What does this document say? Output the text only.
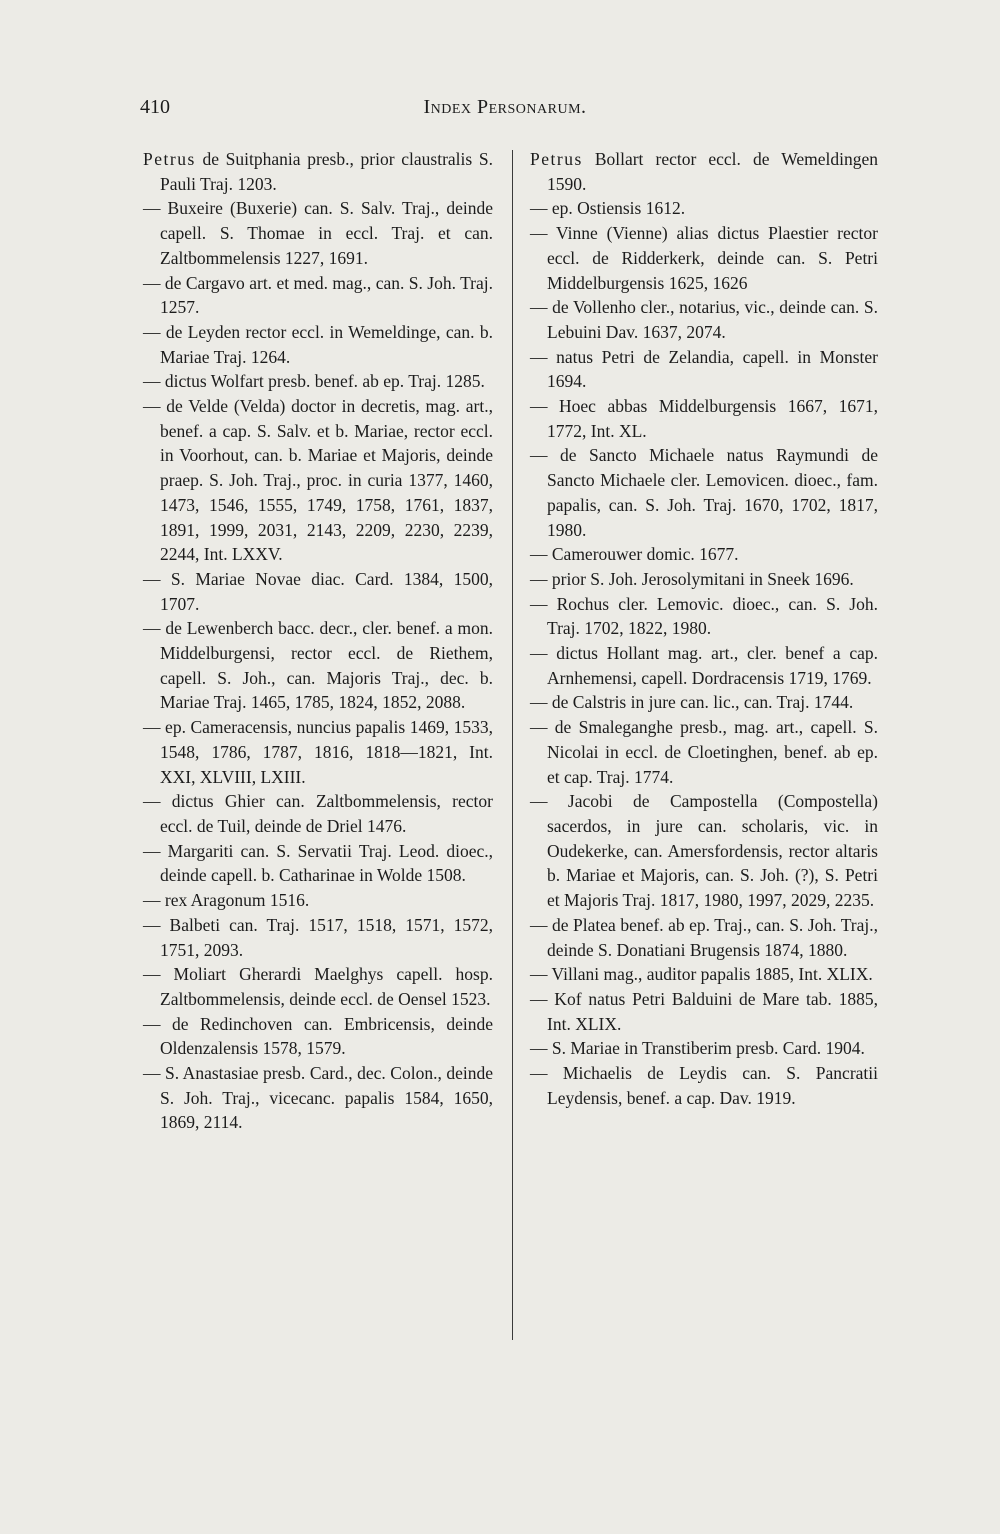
410	Index Personarum.
Petrus de Suitphania presb., prior claustralis S. Pauli Traj. 1203.
— Buxeire (Buxerie) can. S. Salv. Traj., deinde capell. S. Thomae in eccl. Traj. et can. Zaltbommelensis 1227, 1691.
— de Cargavo art. et med. mag., can. S. Joh. Traj. 1257.
— de Leyden rector eccl. in Wemeldinge, can. b. Mariae Traj. 1264.
— dictus Wolfart presb. benef. ab ep. Traj. 1285.
— de Velde (Velda) doctor in decretis, mag. art., benef. a cap. S. Salv. et b. Mariae, rector eccl. in Voorhout, can. b. Mariae et Majoris, deinde praep. S. Joh. Traj., proc. in curia 1377, 1460, 1473, 1546, 1555, 1749, 1758, 1761, 1837, 1891, 1999, 2031, 2143, 2209, 2230, 2239, 2244, Int. LXXV.
— S. Mariae Novae diac. Card. 1384, 1500, 1707.
— de Lewenberch bacc. decr., cler. benef. a mon. Middelburgensi, rector eccl. de Riethem, capell. S. Joh., can. Majoris Traj., dec. b. Mariae Traj. 1465, 1785, 1824, 1852, 2088.
— ep. Cameracensis, nuncius papalis 1469, 1533, 1548, 1786, 1787, 1816, 1818—1821, Int. XXI, XLVIII, LXIII.
— dictus Ghier can. Zaltbommelensis, rector eccl. de Tuil, deinde de Driel 1476.
— Margariti can. S. Servatii Traj. Leod. dioec., deinde capell. b. Catharinae in Wolde 1508.
— rex Aragonum 1516.
— Balbeti can. Traj. 1517, 1518, 1571, 1572, 1751, 2093.
— Moliart Gherardi Maelghys capell. hosp. Zaltbommelensis, deinde eccl. de Oensel 1523.
— de Redinchoven can. Embricensis, deinde Oldenzalensis 1578, 1579.
— S. Anastasiae presb. Card., dec. Colon., deinde S. Joh. Traj., vicecanc. papalis 1584, 1650, 1869, 2114.
Petrus Bollart rector eccl. de Wemeldingen 1590.
— ep. Ostiensis 1612.
— Vinne (Vienne) alias dictus Plaestier rector eccl. de Ridderkerk, deinde can. S. Petri Middelburgensis 1625, 1626
— de Vollenho cler., notarius, vic., deinde can. S. Lebuini Dav. 1637, 2074.
— natus Petri de Zelandia, capell. in Monster 1694.
— Hoec abbas Middelburgensis 1667, 1671, 1772, Int. XL.
— de Sancto Michaele natus Raymundi de Sancto Michaele cler. Lemovicen. dioec., fam. papalis, can. S. Joh. Traj. 1670, 1702, 1817, 1980.
— Camerouwer domic. 1677.
— prior S. Joh. Jerosolymitani in Sneek 1696.
— Rochus cler. Lemovic. dioec., can. S. Joh. Traj. 1702, 1822, 1980.
— dictus Hollant mag. art., cler. benef a cap. Arnhemensi, capell. Dordracensis 1719, 1769.
— de Calstris in jure can. lic., can. Traj. 1744.
— de Smaleganghe presb., mag. art., capell. S. Nicolai in eccl. de Cloetinghen, benef. ab ep. et cap. Traj. 1774.
— Jacobi de Campostella (Compostella) sacerdos, in jure can. scholaris, vic. in Oudekerke, can. Amersfordensis, rector altaris b. Mariae et Majoris, can. S. Joh. (?), S. Petri et Majoris Traj. 1817, 1980, 1997, 2029, 2235.
— de Platea benef. ab ep. Traj., can. S. Joh. Traj., deinde S. Donatiani Brugensis 1874, 1880.
— Villani mag., auditor papalis 1885, Int. XLIX.
— Kof natus Petri Balduini de Mare tab. 1885, Int. XLIX.
— S. Mariae in Transtiberim presb. Card. 1904.
— Michaelis de Leydis can. S. Pancratii Leydensis, benef. a cap. Dav. 1919.
